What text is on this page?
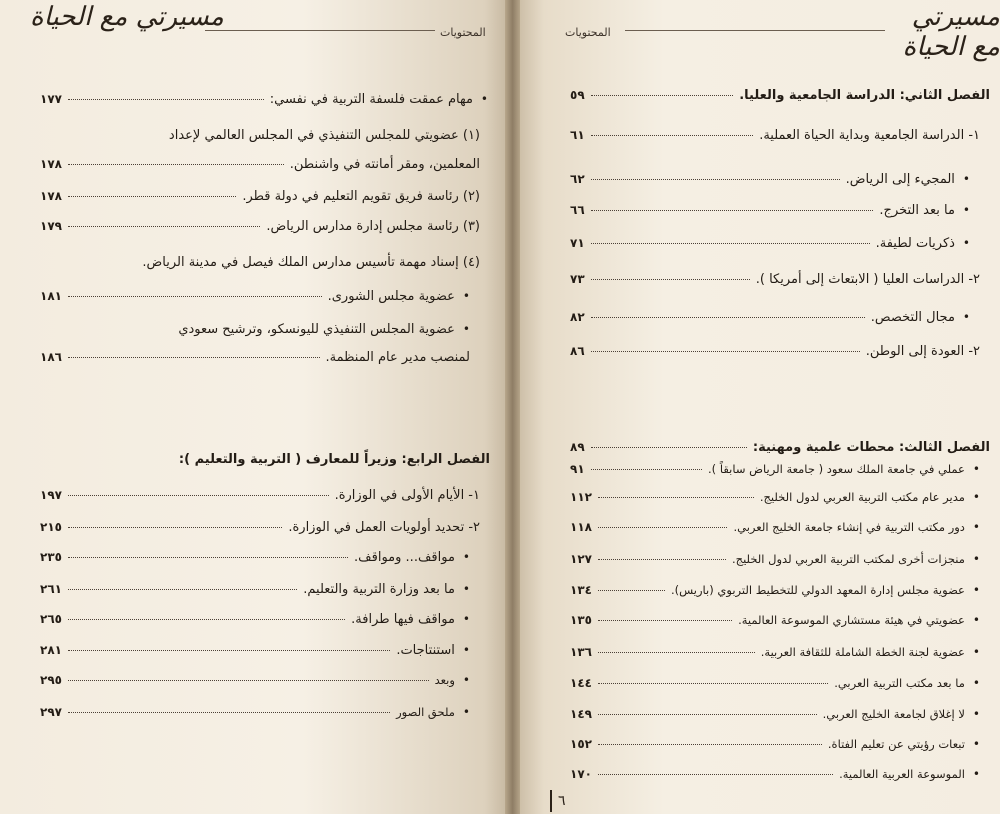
مسيرتي مع الحياة
المحتويات
•
مهام عمقت فلسفة التربية في نفسي:
١٧٧
(١) عضويتي للمجلس التنفيذي في المجلس العالمي لإعداد
المعلمين، ومقر أمانته في واشنطن.
١٧٨
(٢) رئاسة فريق تقويم التعليم في دولة قطر.
١٧٨
(٣) رئاسة مجلس إدارة مدارس الرياض.
١٧٩
(٤) إسناد مهمة تأسيس مدارس الملك فيصل في مدينة الرياض.
•
عضوية مجلس الشورى.
١٨١
•
عضوية المجلس التنفيذي لليونسكو، وترشيح سعودي
لمنصب مدير عام المنظمة.
١٨٦
الفصل الرابع: وزيراً للمعارف ( التربية والتعليم ):
١- الأيام الأولى في الوزارة.
١٩٧
٢- تحديد أولويات العمل في الوزارة.
٢١٥
•
مواقف... ومواقف.
٢٣٥
•
ما بعد وزارة التربية والتعليم.
٢٦١
•
مواقف فيها طرافة.
٢٦٥
•
استنتاجات.
٢٨١
•
وبعد
٢٩٥
•
ملحق الصور
٢٩٧
المحتويات
مسيرتي مع الحياة
الفصل الثاني: الدراسة الجامعية والعليا.
٥٩
١- الدراسة الجامعية وبداية الحياة العملية.
٦١
•
المجيء إلى الرياض.
٦٢
•
ما بعد التخرج.
٦٦
•
ذكريات لطيفة.
٧١
٢- الدراسات العليا ( الابتعاث إلى أمريكا ).
٧٣
•
مجال التخصص.
٨٢
٢- العودة إلى الوطن.
٨٦
الفصل الثالث: محطات علمية ومهنية:
٨٩
•
عملي في جامعة الملك سعود ( جامعة الرياض سابقاً ).
٩١
•
مدير عام مكتب التربية العربي لدول الخليج.
١١٢
•
دور مكتب التربية في إنشاء جامعة الخليج العربي.
١١٨
•
منجزات أخرى لمكتب التربية العربي لدول الخليج.
١٢٧
•
عضوية مجلس إدارة المعهد الدولي للتخطيط التربوي (باريس).
١٣٤
•
عضويتي في هيئة مستشاري الموسوعة العالمية.
١٣٥
•
عضوية لجنة الخطة الشاملة للثقافة العربية.
١٣٦
•
ما بعد مكتب التربية العربي.
١٤٤
•
لا إغلاق لجامعة الخليج العربي.
١٤٩
•
تبعات رؤيتي عن تعليم الفتاة.
١٥٢
•
الموسوعة العربية العالمية.
١٧٠
٦
